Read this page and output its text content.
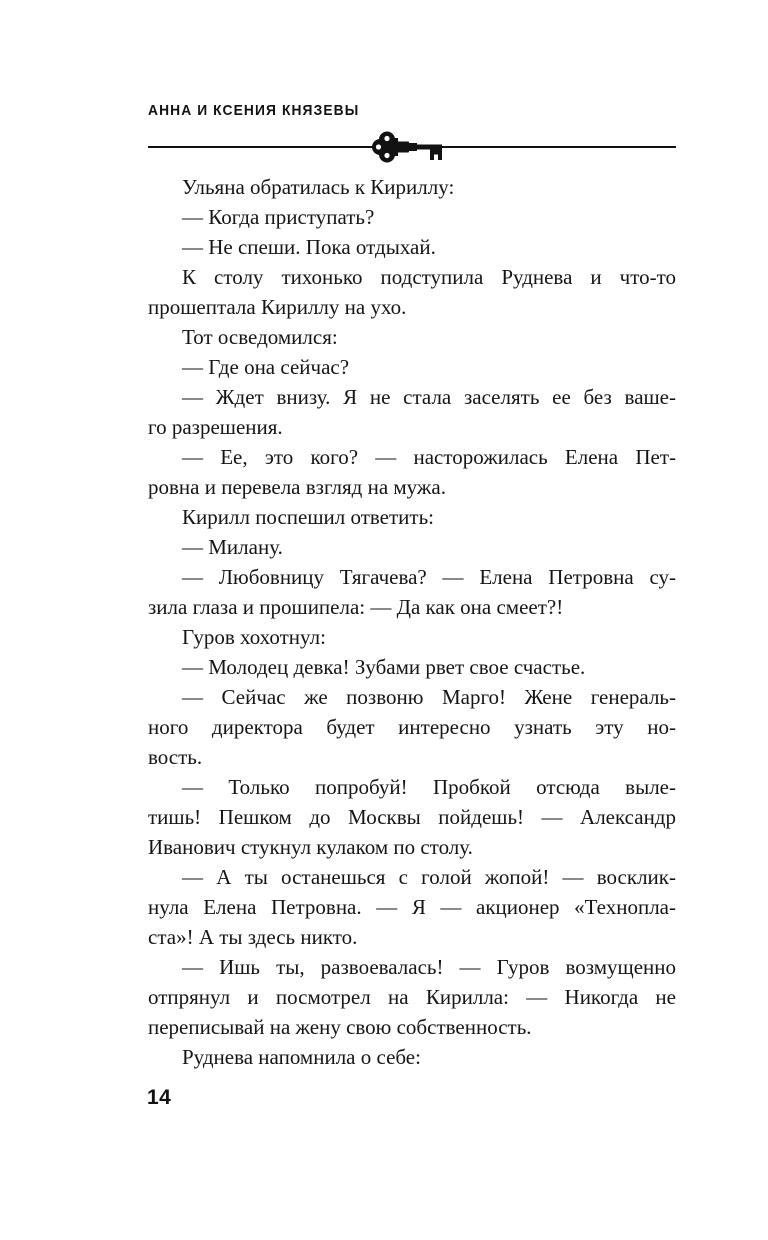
АННА И КСЕНИЯ КНЯЗЕВЫ
Ульяна обратилась к Кириллу:
— Когда приступать?
— Не спеши. Пока отдыхай.
К столу тихонько подступила Руднева и что-то
прошептала Кириллу на ухо.
Тот осведомился:
— Где она сейчас?
— Ждет внизу. Я не стала заселять ее без ваше-
го разрешения.
— Ее, это кого? — насторожилась Елена Пет-
ровна и перевела взгляд на мужа.
Кирилл поспешил ответить:
— Милану.
— Любовницу Тягачева? — Елена Петровна су-
зила глаза и прошипела: — Да как она смеет?!
Гуров хохотнул:
— Молодец девка! Зубами рвет свое счастье.
— Сейчас же позвоню Марго! Жене генераль-
ного директора будет интересно узнать эту но-
вость.
— Только попробуй! Пробкой отсюда выле-
тишь! Пешком до Москвы пойдешь! — Александр
Иванович стукнул кулаком по столу.
— А ты останешься с голой жопой! — восклик-
нула Елена Петровна. — Я — акционер «Технопла-
ста»! А ты здесь никто.
— Ишь ты, развоевалась! — Гуров возмущенно
отпрянул и посмотрел на Кирилла: — Никогда не
переписывай на жену свою собственность.
Руднева напомнила о себе:
14
